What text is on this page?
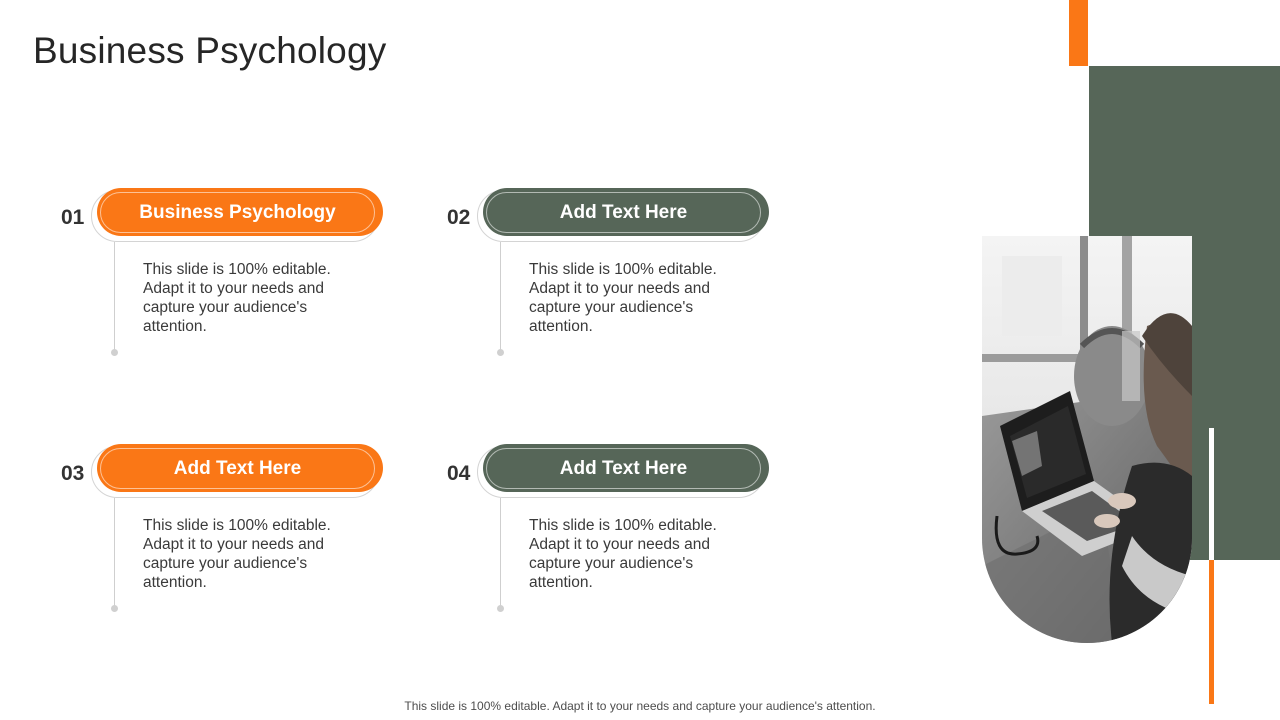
Business Psychology
01	Business Psychology
This slide is 100% editable. Adapt it to your needs and capture your audience's attention.
02	Add Text Here
This slide is 100% editable. Adapt it to your needs and capture your audience's attention.
03	Add Text Here
This slide is 100% editable. Adapt it to your needs and capture your audience's attention.
04	Add Text Here
This slide is 100% editable. Adapt it to your needs and capture your audience's attention.
This slide is 100% editable. Adapt it to your needs and capture your audience's attention.
